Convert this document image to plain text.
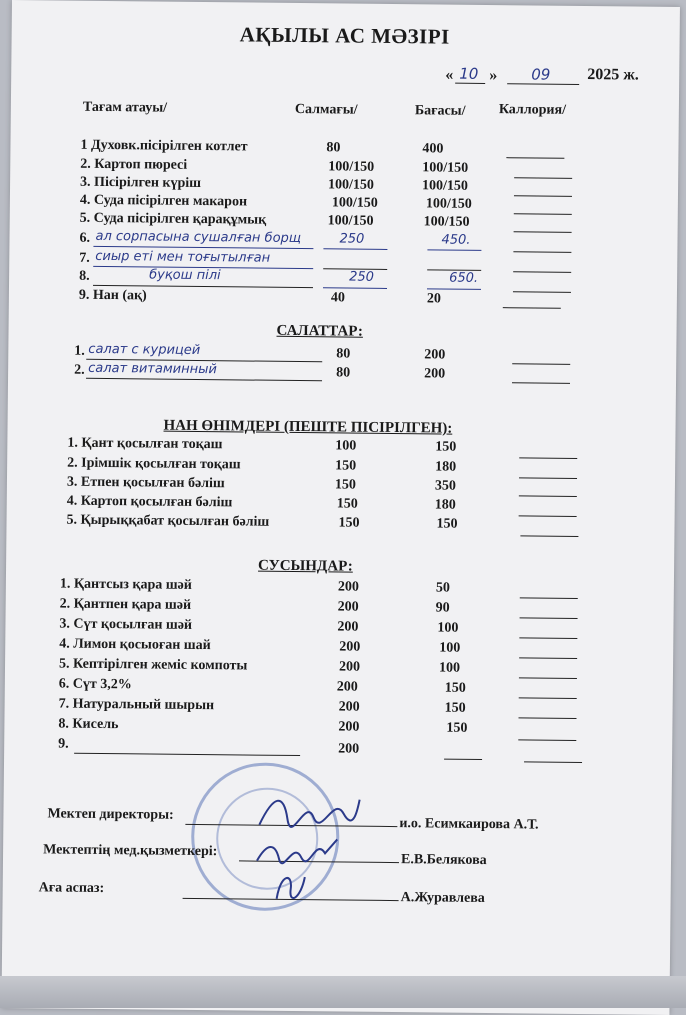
АҚЫЛЫ АС МӘЗІРІ
« 10 » 09 2025 ж.
Тағам атауы/	Салмағы/	Бағасы/ Каллория/
1 Духовк.пісірілген котлет	80	400
2. Картоп пюресі	100/150	100/150
3. Пісірілген күріш	100/150	100/150
4. Суда пісірілген макарон	100/150	100/150
5. Суда пісірілген қарақұмық	100/150	100/150
6. ал сорпасына сушалған борщ	250	450.
7. сиыр еті мен тоғытылған
8.	буқош пілі	250	650.
9. Нан (ақ)	40	20
САЛАТТАР:
1. салат с курицей	80	200
2. салат витаминный	80	200
НАН ӨНІМДЕРІ (ПЕШТЕ ПІСІРІЛГЕН):
1. Қант қосылған тоқаш	100	150
2. Ірімшік қосылған тоқаш	150	180
3. Етпен қосылған бәліш	150	350
4. Картоп қосылған бәліш	150	180
5. Қырыққабат қосылған бәліш	150	150
СУСЫНДАР:
1. Қантсыз қара шәй	200	50
2. Қантпен қара шәй	200	90
3. Сүт қосылған шәй	200	100
4. Лимон қосыоған шай	200	100
5. Кептірілген жеміс компоты	200	100
6. Сүт 3,2%	200	150
7. Натуральный шырын	200	150
8. Кисель	200	150
9.	200
Мектеп директоры:
и.о. Есимкаирова А.Т.
Мектептің мед.қызметкері:
Е.В.Белякова
Аға аспаз:
А.Журавлева
